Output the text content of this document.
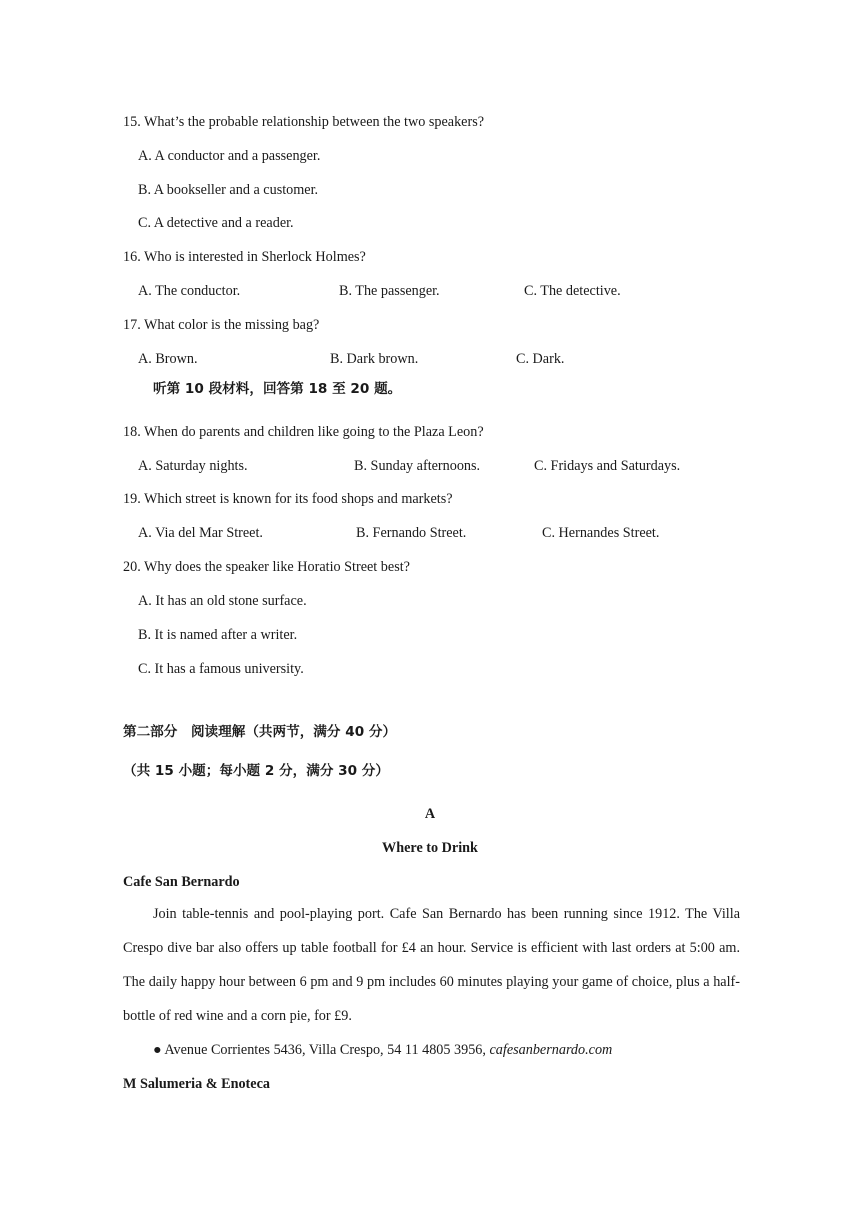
15. What’s the probable relationship between the two speakers?
A. A conductor and a passenger.
B. A bookseller and a customer.
C. A detective and a reader.
16. Who is interested in Sherlock Holmes?
A. The conductor.	B. The passenger.	C. The detective.
17. What color is the missing bag?
A. Brown.	B. Dark brown.	C. Dark.
听第 10 段材料，回答第 18 至 20 题。
18. When do parents and children like going to the Plaza Leon?
A. Saturday nights.	B. Sunday afternoons.	C. Fridays and Saturdays.
19. Which street is known for its food shops and markets?
A. Via del Mar Street.	B. Fernando Street.	C. Hernandes Street.
20. Why does the speaker like Horatio Street best?
A. It has an old stone surface.
B. It is named after a writer.
C. It has a famous university.
第二部分　阅读理解（共两节，满分 40 分）
（共 15 小题；每小题 2 分，满分 30 分）
A
Where to Drink
Cafe San Bernardo
Join table-tennis and pool-playing port. Cafe San Bernardo has been running since 1912. The Villa Crespo dive bar also offers up table football for £4 an hour. Service is efficient with last orders at 5:00 am. The daily happy hour between 6 pm and 9 pm includes 60 minutes playing your game of choice, plus a half-bottle of red wine and a corn pie, for £9.
● Avenue Corrientes 5436, Villa Crespo, 54 11 4805 3956, cafesanbernardo.com
M Salumeria & Enoteca
